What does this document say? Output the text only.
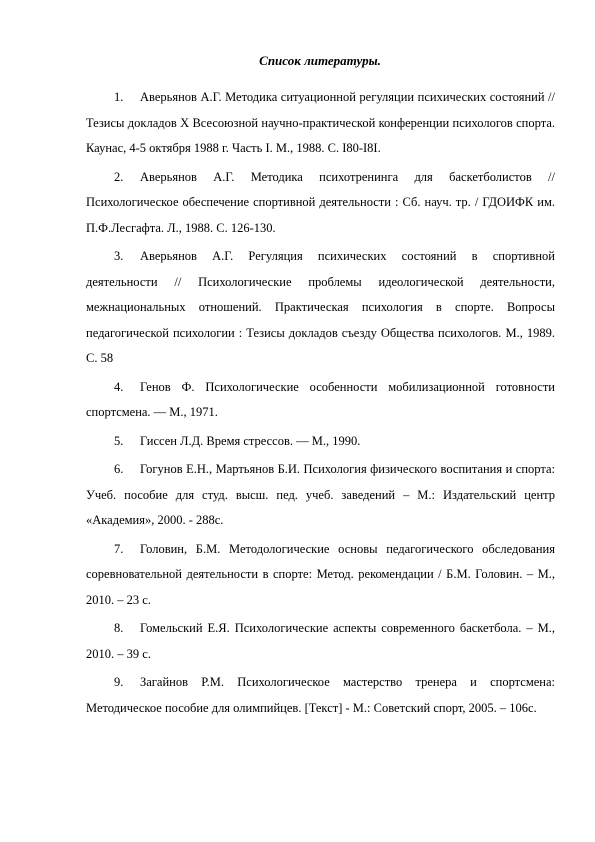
Список литературы.
1. Аверьянов А.Г. Методика ситуационной регуляции психических состояний // Тезисы докладов X Всесоюзной научно-практической конференции психологов спорта. Каунас, 4-5 октября 1988 г. Часть I. М., 1988. С. I80-I8I.
2. Аверьянов А.Г. Методика психотренинга для баскетболистов // Психологическое обеспечение спортивной деятельности : Сб. науч. тр. / ГДОИФК им. П.Ф.Лесгафта. Л., 1988. С. 126-130.
3. Аверьянов А.Г. Регуляция психических состояний в спортивной деятельности // Психологические проблемы идеологической деятельности, межнациональных отношений. Практическая психология в спорте. Вопросы педагогической психологии : Тезисы докладов съезду Общества психологов. М., 1989. С. 58
4. Генов Ф. Психологические особенности мобилизационной готовности спортсмена. — М., 1971.
5. Гиссен Л.Д. Время стрессов. — М., 1990.
6. Гогунов Е.Н., Мартьянов Б.И. Психология физического воспитания и спорта: Учеб. пособие для студ. высш. пед. учеб. заведений – М.: Издательский центр «Академия», 2000. - 288с.
7. Головин, Б.М. Методологические основы педагогического обследования соревновательной деятельности в спорте: Метод. рекомендации / Б.М. Головин. – М., 2010. – 23 с.
8. Гомельский Е.Я. Психологические аспекты современного баскетбола. – М., 2010. – 39 с.
9. Загайнов Р.М. Психологическое мастерство тренера и спортсмена: Методическое пособие для олимпийцев. [Текст] - М.: Советский спорт, 2005. – 106с.
